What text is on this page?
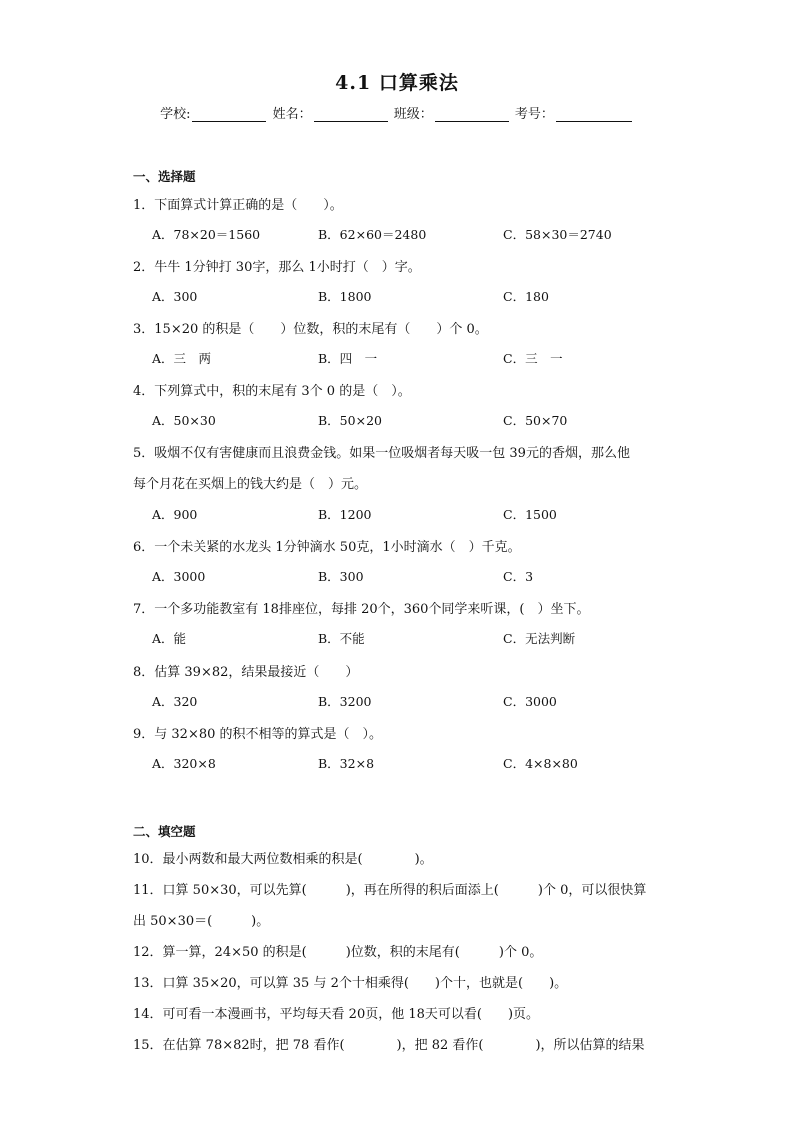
4.1 口算乘法
学校:	姓名：	班级：	考号：
一、选择题
1．下面算式计算正确的是（　　）。
A．78×20＝1560	B．62×60＝2480	C．58×30＝2740
2．牛牛 1分钟打 30字，那么 1小时打（　）字。
A．300	B．1800	C．180
3．15×20 的积是（　　）位数，积的末尾有（　　）个 0。
A．三　两	B．四　一	C．三　一
4．下列算式中，积的末尾有 3个 0 的是（　）。
A．50×30	B．50×20	C．50×70
5．吸烟不仅有害健康而且浪费金钱。如果一位吸烟者每天吸一包 39元的香烟，那么他
每个月花在买烟上的钱大约是（　）元。
A．900	B．1200	C．1500
6．一个未关紧的水龙头 1分钟滴水 50克，1小时滴水（　）千克。
A．3000	B．300	C．3
7．一个多功能教室有 18排座位，每排 20个，360个同学来听课，(　）坐下。
A．能	B．不能	C．无法判断
8．估算 39×82，结果最接近（　　）
A．320	B．3200	C．3000
9．与 32×80 的积不相等的算式是（　）。
A．320×8	B．32×8	C．4×8×80
二、填空题
10．最小两数和最大两位数相乘的积是(　　　　)。
11．口算 50×30，可以先算(　　　)，再在所得的积后面添上(　　　)个 0，可以很快算
出 50×30＝(　　　)。
12．算一算，24×50 的积是(　　　)位数，积的末尾有(　　　)个 0。
13．口算 35×20，可以算 35 与 2个十相乘得(　　)个十，也就是(　　)。
14．可可看一本漫画书，平均每天看 20页，他 18天可以看(　　)页。
15．在估算 78×82时，把 78 看作(　　　　)，把 82 看作(　　　　)，所以估算的结果
